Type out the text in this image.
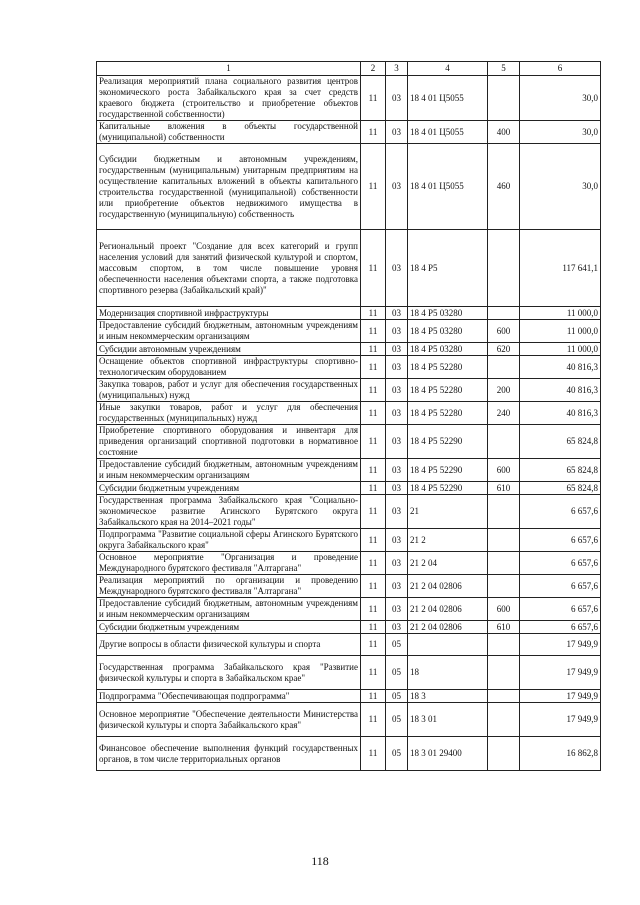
1	2	3	4	5	6
Реализация мероприятий плана социального развития центров экономического роста Забайкальского края за счет средств краевого бюджета (строительство и приобретение объектов государственной собственности)	11	03	18 4 01 Ц5055		30,0
Капитальные вложения в объекты государственной (муниципальной) собственности	11	03	18 4 01 Ц5055	400	30,0
Субсидии бюджетным и автономным учреждениям, государственным (муниципальным) унитарным предприятиям на осуществление капитальных вложений в объекты капитального строительства государственной (муниципальной) собственности или приобретение объектов недвижимого имущества в государственную (муниципальную) собственность	11	03	18 4 01 Ц5055	460	30,0
Региональный проект "Создание для всех категорий и групп населения условий для занятий физической культурой и спортом, массовым спортом, в том числе повышение уровня обеспеченности населения объектами спорта, а также подготовка спортивного резерва (Забайкальский край)"	11	03	18 4 P5		117 641,1
Модернизация спортивной инфраструктуры	11	03	18 4 P5 03280		11 000,0
Предоставление субсидий бюджетным, автономным учреждениям и иным некоммерческим организациям	11	03	18 4 P5 03280	600	11 000,0
Субсидии автономным учреждениям	11	03	18 4 P5 03280	620	11 000,0
Оснащение объектов спортивной инфраструктуры спортивно-технологическим оборудованием	11	03	18 4 P5 52280		40 816,3
Закупка товаров, работ и услуг для обеспечения государственных (муниципальных) нужд	11	03	18 4 P5 52280	200	40 816,3
Иные закупки товаров, работ и услуг для обеспечения государственных (муниципальных) нужд	11	03	18 4 P5 52280	240	40 816,3
Приобретение спортивного оборудования и инвентаря для приведения организаций спортивной подготовки в нормативное состояние	11	03	18 4 P5 52290		65 824,8
Предоставление субсидий бюджетным, автономным учреждениям и иным некоммерческим организациям	11	03	18 4 P5 52290	600	65 824,8
Субсидии бюджетным учреждениям	11	03	18 4 P5 52290	610	65 824,8
Государственная программа Забайкальского края "Социально-экономическое развитие Агинского Бурятского округа Забайкальского края на 2014–2021 годы"	11	03	21		6 657,6
Подпрограмма "Развитие социальной сферы Агинского Бурятского округа Забайкальского края"	11	03	21 2		6 657,6
Основное мероприятие "Организация и проведение Международного бурятского фестиваля "Алтаргана"	11	03	21 2 04		6 657,6
Реализация мероприятий по организации и проведению Международного бурятского фестиваля "Алтаргана"	11	03	21 2 04 02806		6 657,6
Предоставление субсидий бюджетным, автономным учреждениям и иным некоммерческим организациям	11	03	21 2 04 02806	600	6 657,6
Субсидии бюджетным учреждениям	11	03	21 2 04 02806	610	6 657,6
Другие вопросы в области физической культуры и спорта	11	05			17 949,9
Государственная программа Забайкальского края "Развитие физической культуры и спорта в Забайкальском крае"	11	05	18		17 949,9
Подпрограмма "Обеспечивающая подпрограмма"	11	05	18 3		17 949,9
Основное мероприятие "Обеспечение деятельности Министерства физической культуры и спорта Забайкальского края"	11	05	18 3 01		17 949,9
Финансовое обеспечение выполнения функций государственных органов, в том числе территориальных органов	11	05	18 3 01 29400		16 862,8
118
